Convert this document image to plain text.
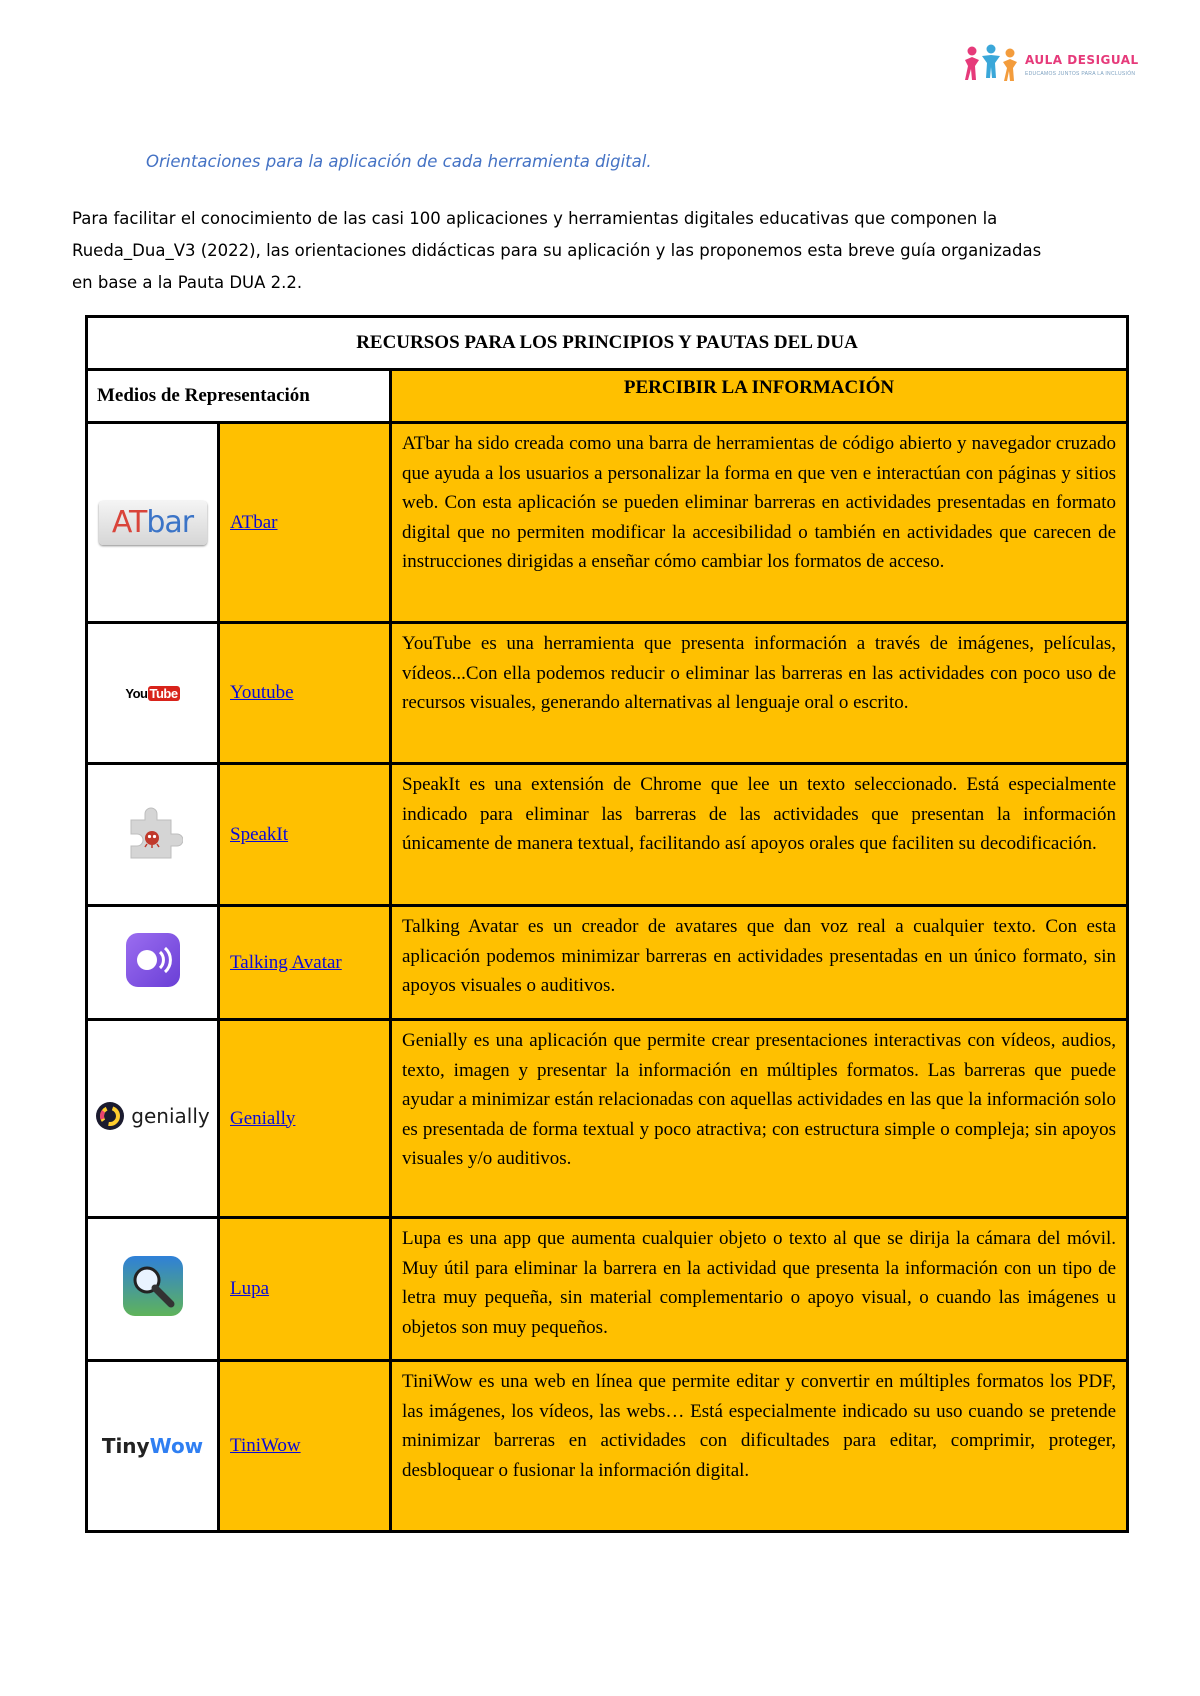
AULA DESIGUAL
EDUCAMOS JUNTOS PARA LA INCLUSIÓN
Orientaciones para la aplicación de cada herramienta digital.
Para facilitar el conocimiento de las casi 100 aplicaciones y herramientas digitales educativas que componen la
Rueda_Dua_V3 (2022), las orientaciones didácticas para su aplicación y las proponemos esta breve guía organizadas
en base a la Pauta DUA 2.2.
RECURSOS PARA LOS PRINCIPIOS Y PAUTAS DEL DUA		
Medios de Representación		PERCIBIR LA INFORMACIÓN
ATbar	ATbar	ATbar ha sido creada como una barra de herramientas de código abierto y navegador cruzado que ayuda a los usuarios a personalizar la forma en que ven e interactúan con páginas y sitios web. Con esta aplicación se pueden eliminar barreras en actividades presentadas en formato digital que no permiten modificar la accesibilidad o también en actividades que carecen de instrucciones dirigidas a enseñar cómo cambiar los formatos de acceso.
You Tube	Youtube	YouTube es una herramienta que presenta información a través de imágenes, películas, vídeos...Con ella podemos reducir o eliminar las barreras en las actividades con poco uso de recursos visuales, generando alternativas al lenguaje oral o escrito.
	SpeakIt	SpeakIt es una extensión de Chrome que lee un texto seleccionado. Está especialmente indicado para eliminar las barreras de las actividades que presentan la información únicamente de manera textual, facilitando así apoyos orales que faciliten su decodificación.
	Talking Avatar	Talking Avatar es un creador de avatares que dan voz real a cualquier texto. Con esta aplicación podemos minimizar barreras en actividades presentadas en un único formato, sin apoyos visuales o auditivos.

genially	Genially	Genially es una aplicación que permite crear presentaciones interactivas con vídeos, audios, texto, imagen y presentar la información en múltiples formatos. Las barreras que puede ayudar a minimizar están relacionadas con aquellas actividades en las que la información solo es presentada de forma textual y poco atractiva; con estructura simple o compleja; sin apoyos visuales y/o auditivos.
	Lupa	Lupa es una app que aumenta cualquier objeto o texto al que se dirija la cámara del móvil. Muy útil para eliminar la barrera en la actividad que presenta la información con un tipo de letra muy pequeña, sin material complementario o apoyo visual, o cuando las imágenes u objetos son muy pequeños.
TinyWow	TiniWow	TiniWow es una web en línea que permite editar y convertir en múltiples formatos los PDF, las imágenes, los vídeos, las webs… Está especialmente indicado su uso cuando se pretende minimizar barreras en actividades con dificultades para editar, comprimir, proteger, desbloquear o fusionar la información digital.
